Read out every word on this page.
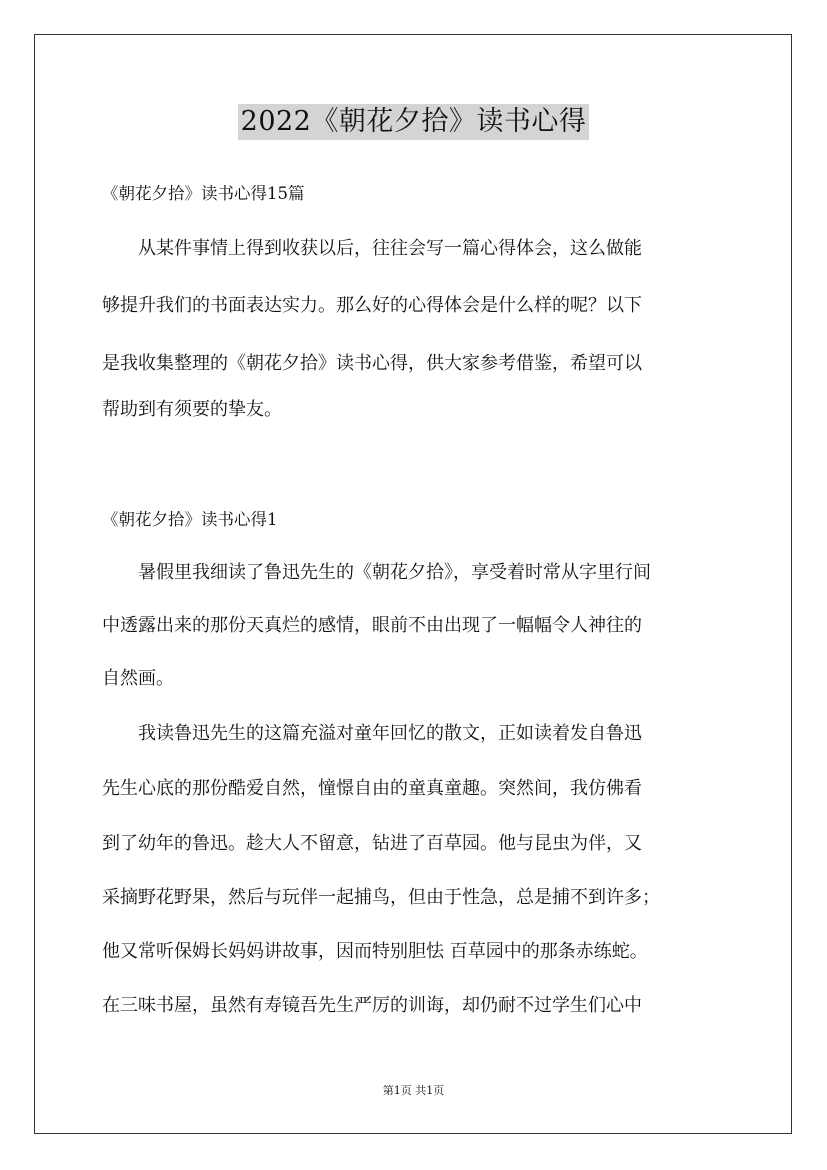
2022《朝花夕拾》读书心得
《朝花夕拾》读书心得15篇
　　从某件事情上得到收获以后，往往会写一篇心得体会，这么做能
够提升我们的书面表达实力。那么好的心得体会是什么样的呢？以下
是我收集整理的《朝花夕拾》读书心得，供大家参考借鉴，希望可以
帮助到有须要的挚友。
《朝花夕拾》读书心得1
　　暑假里我细读了鲁迅先生的《朝花夕拾》，享受着时常从字里行间
中透露出来的那份天真烂的感情，眼前不由出现了一幅幅令人神往的
自然画。
　　我读鲁迅先生的这篇充溢对童年回忆的散文，正如读着发自鲁迅
先生心底的那份酷爱自然，憧憬自由的童真童趣。突然间，我仿佛看
到了幼年的鲁迅。趁大人不留意，钻进了百草园。他与昆虫为伴，又
采摘野花野果，然后与玩伴一起捕鸟，但由于性急，总是捕不到许多；
他又常听保姆长妈妈讲故事，因而特别胆怯 百草园中的那条赤练蛇。
在三味书屋，虽然有寿镜吾先生严厉的训诲，却仍耐不过学生们心中
第1页 共1页
